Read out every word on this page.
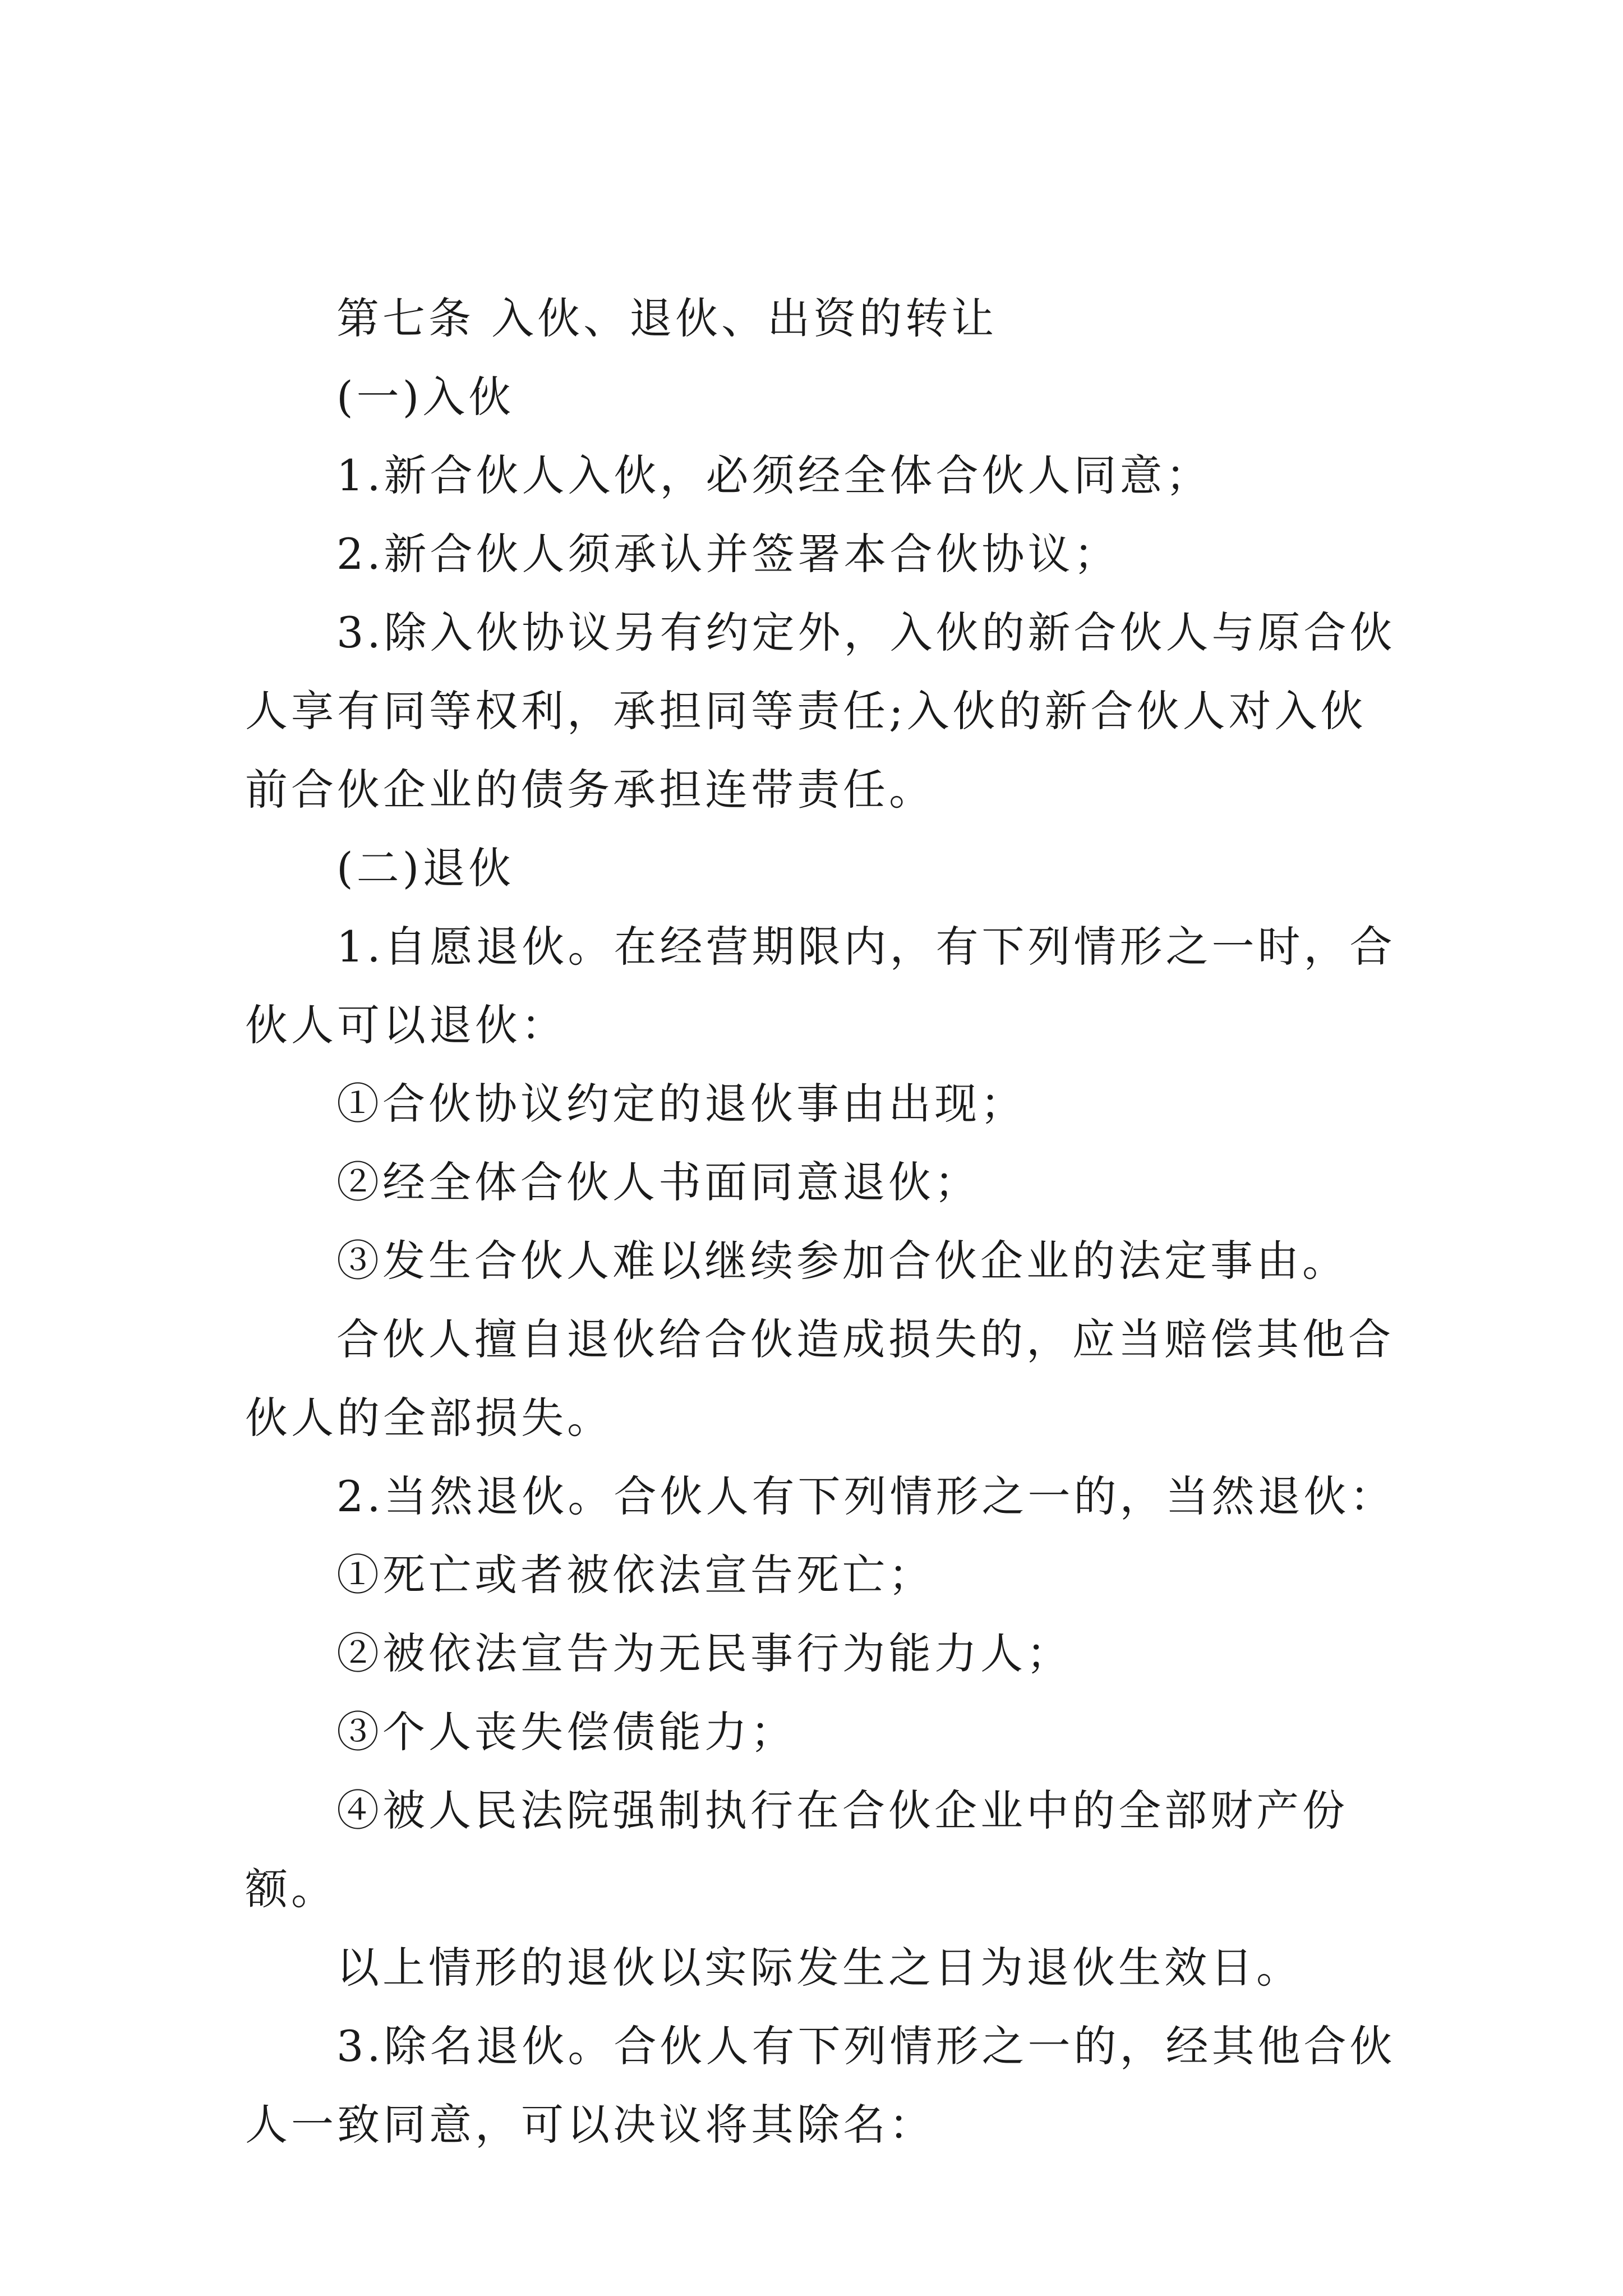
第七条 入伙、退伙、出资的转让

(一)入伙

1.新合伙人入伙，必须经全体合伙人同意；

2.新合伙人须承认并签署本合伙协议；

3.除入伙协议另有约定外，入伙的新合伙人与原合伙人享有同等权利，承担同等责任;入伙的新合伙人对入伙前合伙企业的债务承担连带责任。

(二)退伙

1.自愿退伙。在经营期限内，有下列情形之一时，合伙人可以退伙：

①合伙协议约定的退伙事由出现；

②经全体合伙人书面同意退伙；

③发生合伙人难以继续参加合伙企业的法定事由。

合伙人擅自退伙给合伙造成损失的，应当赔偿其他合伙人的全部损失。

2.当然退伙。合伙人有下列情形之一的，当然退伙：

①死亡或者被依法宣告死亡；

②被依法宣告为无民事行为能力人；

③个人丧失偿债能力；

④被人民法院强制执行在合伙企业中的全部财产份额。

以上情形的退伙以实际发生之日为退伙生效日。

3.除名退伙。合伙人有下列情形之一的，经其他合伙人一致同意，可以决议将其除名：
